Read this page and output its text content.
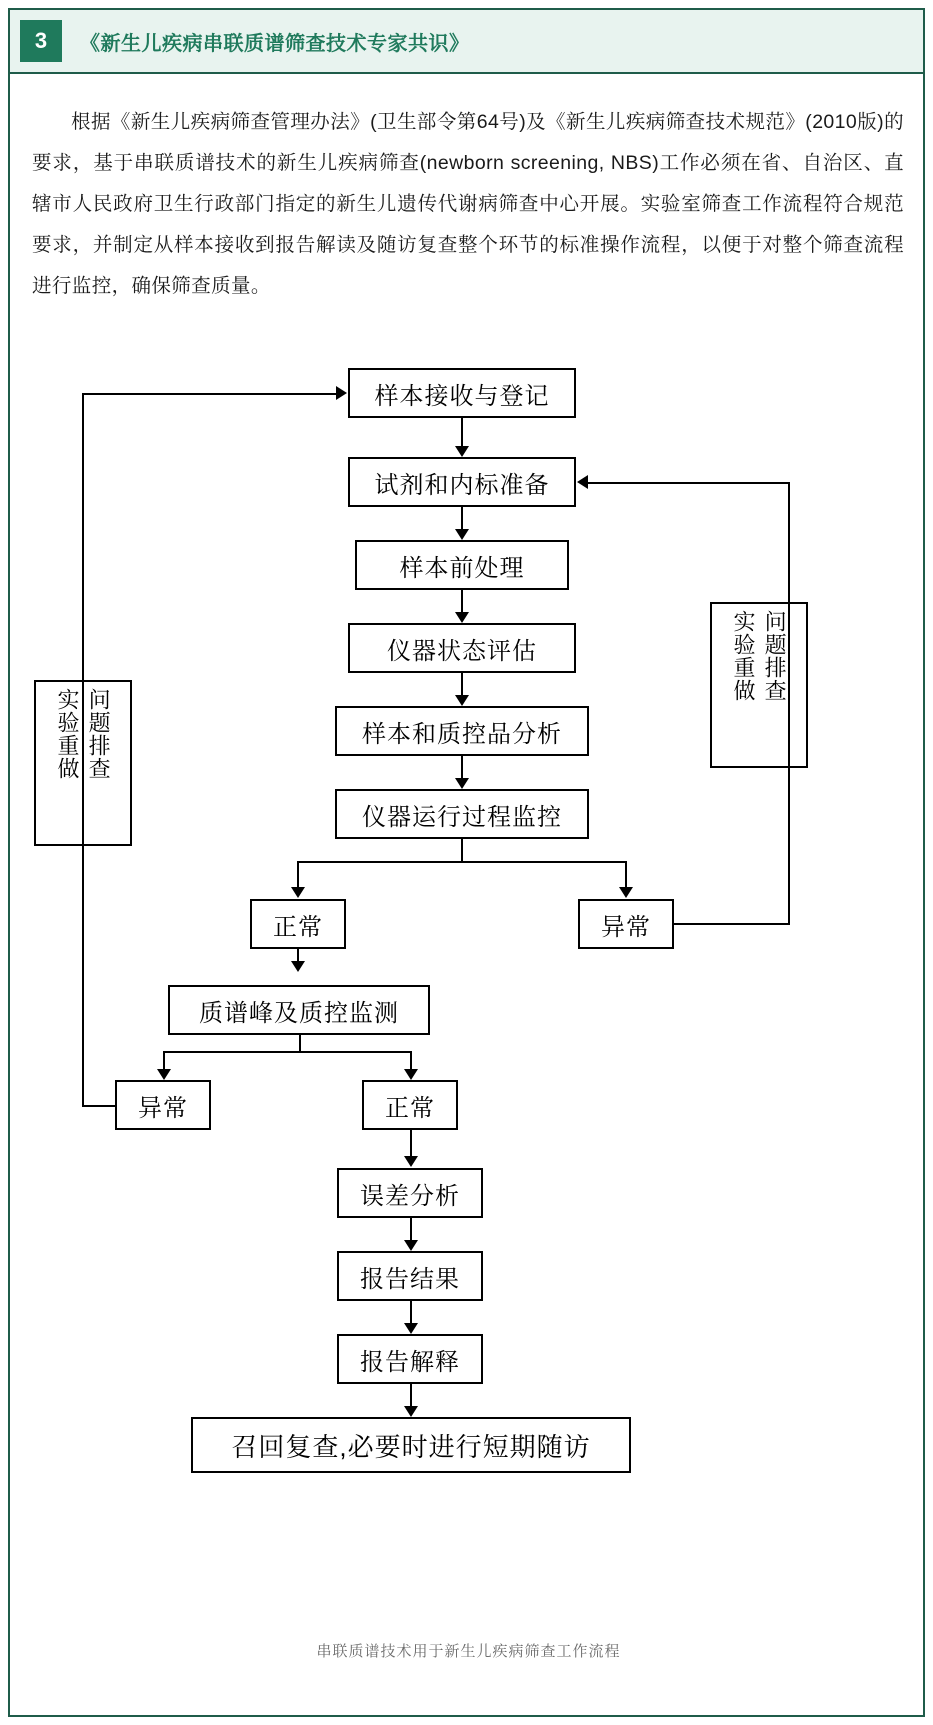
3	《新生儿疾病串联质谱筛查技术专家共识》
根据《新生儿疾病筛查管理办法》(卫生部令第64号)及《新生儿疾病筛查技术规范》(2010版)的要求，基于串联质谱技术的新生儿疾病筛查(newborn screening, NBS)工作必须在省、自治区、直辖市人民政府卫生行政部门指定的新生儿遗传代谢病筛查中心开展。实验室筛查工作流程符合规范要求，并制定从样本接收到报告解读及随访复查整个环节的标准操作流程，以便于对整个筛查流程进行监控，确保筛查质量。
样本接收与登记
试剂和内标准备
样本前处理
仪器状态评估
样本和质控品分析
仪器运行过程监控
正常	异常
质谱峰及质控监测
异常	正常
误差分析
报告结果
报告解释
召回复查,必要时进行短期随访
问题排查
实验重做
问题排查
实验重做
串联质谱技术用于新生儿疾病筛查工作流程
